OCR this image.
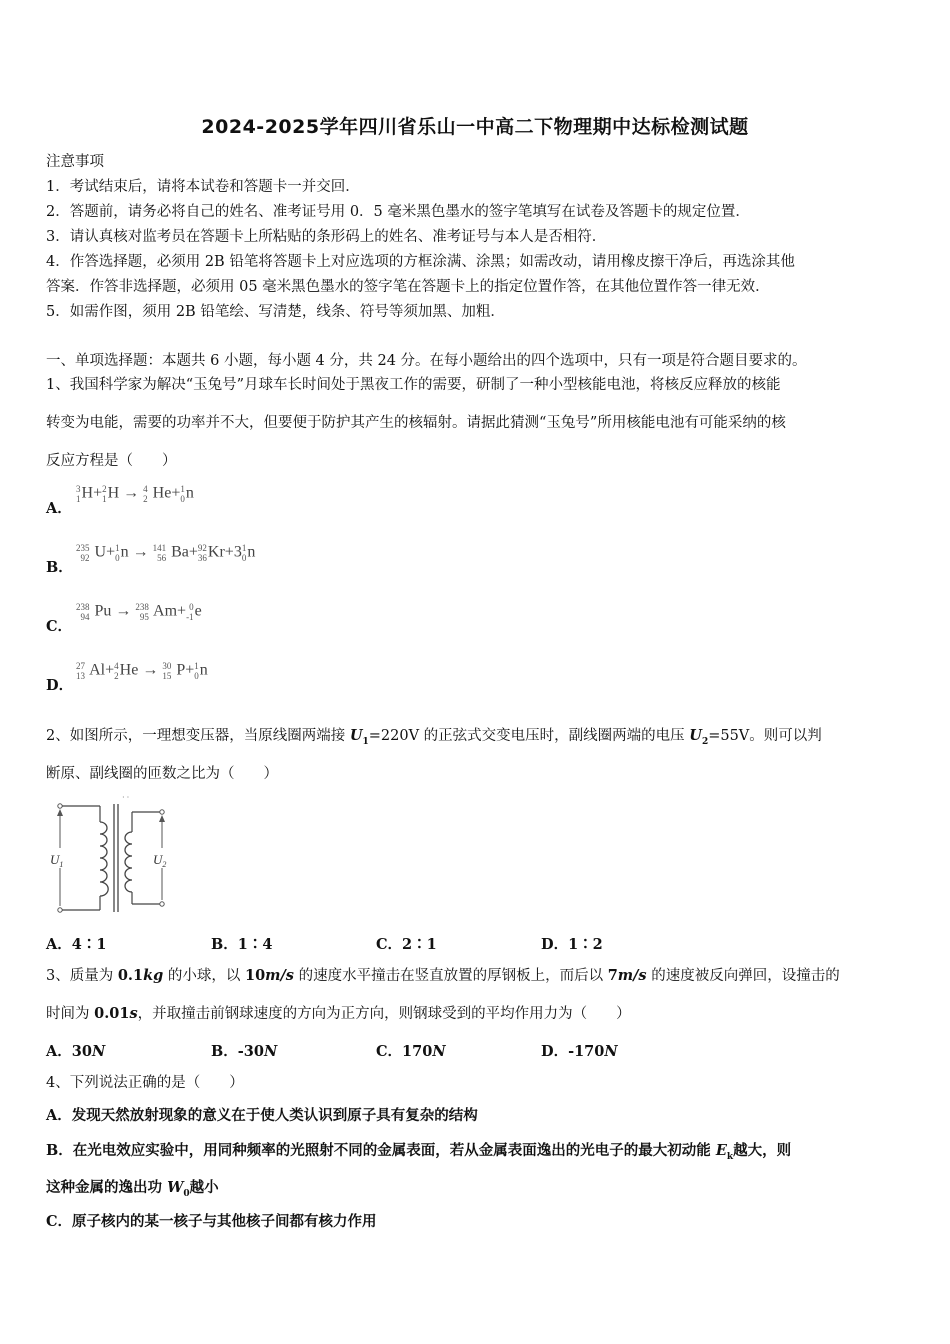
2024-2025学年四川省乐山一中高二下物理期中达标检测试题
注意事项
1．考试结束后，请将本试卷和答题卡一并交回．
2．答题前，请务必将自己的姓名、准考证号用 0．5 毫米黑色墨水的签字笔填写在试卷及答题卡的规定位置．
3．请认真核对监考员在答题卡上所粘贴的条形码上的姓名、准考证号与本人是否相符．
4．作答选择题，必须用 2B 铅笔将答题卡上对应选项的方框涂满、涂黑；如需改动，请用橡皮擦干净后，再选涂其他
答案．作答非选择题，必须用 05 毫米黑色墨水的签字笔在答题卡上的指定位置作答，在其他位置作答一律无效．
5．如需作图，须用 2B 铅笔绘、写清楚，线条、符号等须加黑、加粗．
一、单项选择题：本题共 6 小题，每小题 4 分，共 24 分。在每小题给出的四个选项中，只有一项是符合题目要求的。
1、我国科学家为解决“玉兔号”月球车长时间处于黑夜工作的需要，研制了一种小型核能电池，将核反应释放的核能
转变为电能，需要的功率并不大，但要便于防护其产生的核辐射。请据此猜测“玉兔号”所用核能电池有可能采纳的核
反应方程是（　　）
A．
3
1 H+ 2
1 H → 4
2 He+ 1
0 n
B．
235
92 U+ 1
0 n → 141
56 Ba+ 92
36 Kr+3 1
0 n
C．
238
94 Pu → 238
95 Am+ 0
-1 e
D．
27
13 Al+ 4
2 He → 30
15 P+ 1
0 n
2、如图所示，一理想变压器，当原线圈两端接 $U_1=220V$ 的正弦式交变电压时，副线圈两端的电压 $U_2=55V$。则可以判
断原、副线圈的匝数之比为（　　）
· ·
$U_1$	$U_2$
A．4∶1	B．1∶4	C．2∶1	D．1∶2
3、质量为 0.1kg 的小球，以 10m/s 的速度水平撞击在竖直放置的厚钢板上，而后以 7m/s 的速度被反向弹回，设撞击的
时间为 0.01s，并取撞击前钢球速度的方向为正方向，则钢球受到的平均作用力为（　　）
A．30N	B．-30N	C．170N	D．-170N
4、下列说法正确的是（　　）
A．发现天然放射现象的意义在于使人类认识到原子具有复杂的结构
B．在光电效应实验中，用同种频率的光照射不同的金属表面，若从金属表面逸出的光电子的最大初动能 $E_k$越大，则
这种金属的逸出功 $W_0$越小
C．原子核内的某一核子与其他核子间都有核力作用
